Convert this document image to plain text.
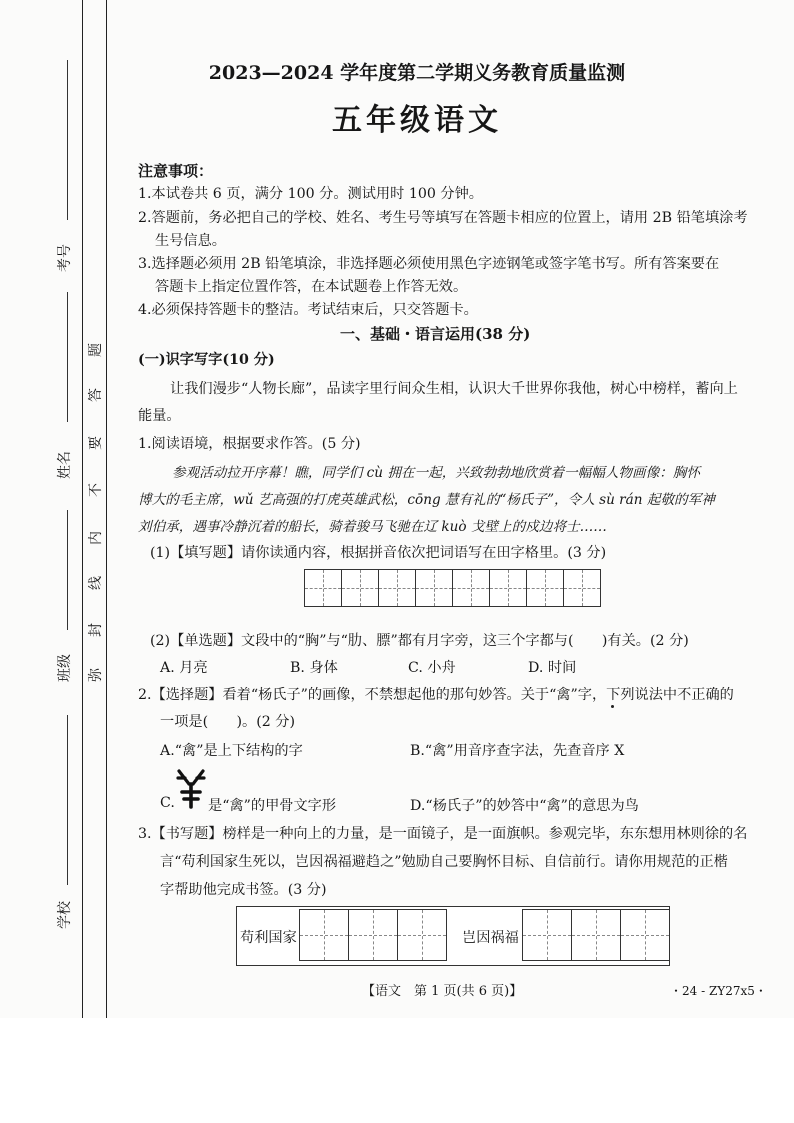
考号
姓名
班级
学校
题
答
要
不
内
线
封
弥
2023—2024 学年度第二学期义务教育质量监测
五年级语文
注意事项：
1.本试卷共 6 页，满分 100 分。测试用时 100 分钟。
2.答题前，务必把自己的学校、姓名、考生号等填写在答题卡相应的位置上，请用 2B 铅笔填涂考
生号信息。
3.选择题必须用 2B 铅笔填涂，非选择题必须使用黑色字迹钢笔或签字笔书写。所有答案要在
答题卡上指定位置作答，在本试题卷上作答无效。
4.必须保持答题卡的整洁。考试结束后，只交答题卡。
一、基础・语言运用(38 分)
(一)识字写字(10 分)
让我们漫步“人物长廊”，品读字里行间众生相，认识大千世界你我他，树心中榜样，蓄向上
能量。
1.阅读语境，根据要求作答。(5 分)
参观活动拉开序幕！瞧，同学们 cù 拥在一起，兴致勃勃地欣赏着一幅幅人物画像：胸怀
博大的毛主席，wǔ 艺高强的打虎英雄武松，cōng 慧有礼的“杨氏子”，令人 sù rán 起敬的军神
刘伯承，遇事冷静沉着的船长，骑着骏马飞驰在辽 kuò 戈壁上的戍边将士……
(1)【填写题】请你读通内容，根据拼音依次把词语写在田字格里。(3 分)
(2)【单选题】文段中的“胸”与“肋、膘”都有月字旁，这三个字都与(　　)有关。(2 分)
A. 月亮	B. 身体	C. 小舟	D. 时间
2.【选择题】看着“杨氏子”的画像，不禁想起他的那句妙答。关于“禽”字，下列说法中不正确的
一项是(　　)。(2 分)
A.“禽”是上下结构的字	B.“禽”用音序查字法，先查音序 X
C. 是“禽”的甲骨文字形	D.“杨氏子”的妙答中“禽”的意思为鸟
3.【书写题】榜样是一种向上的力量，是一面镜子，是一面旗帜。参观完毕，东东想用林则徐的名
言“苟利国家生死以，岂因祸福避趋之”勉励自己要胸怀目标、自信前行。请你用规范的正楷
字帮助他完成书签。(3 分)
苟利国家	岂因祸福
【语文　第 1 页(共 6 页)】	・24 - ZY27x5・
